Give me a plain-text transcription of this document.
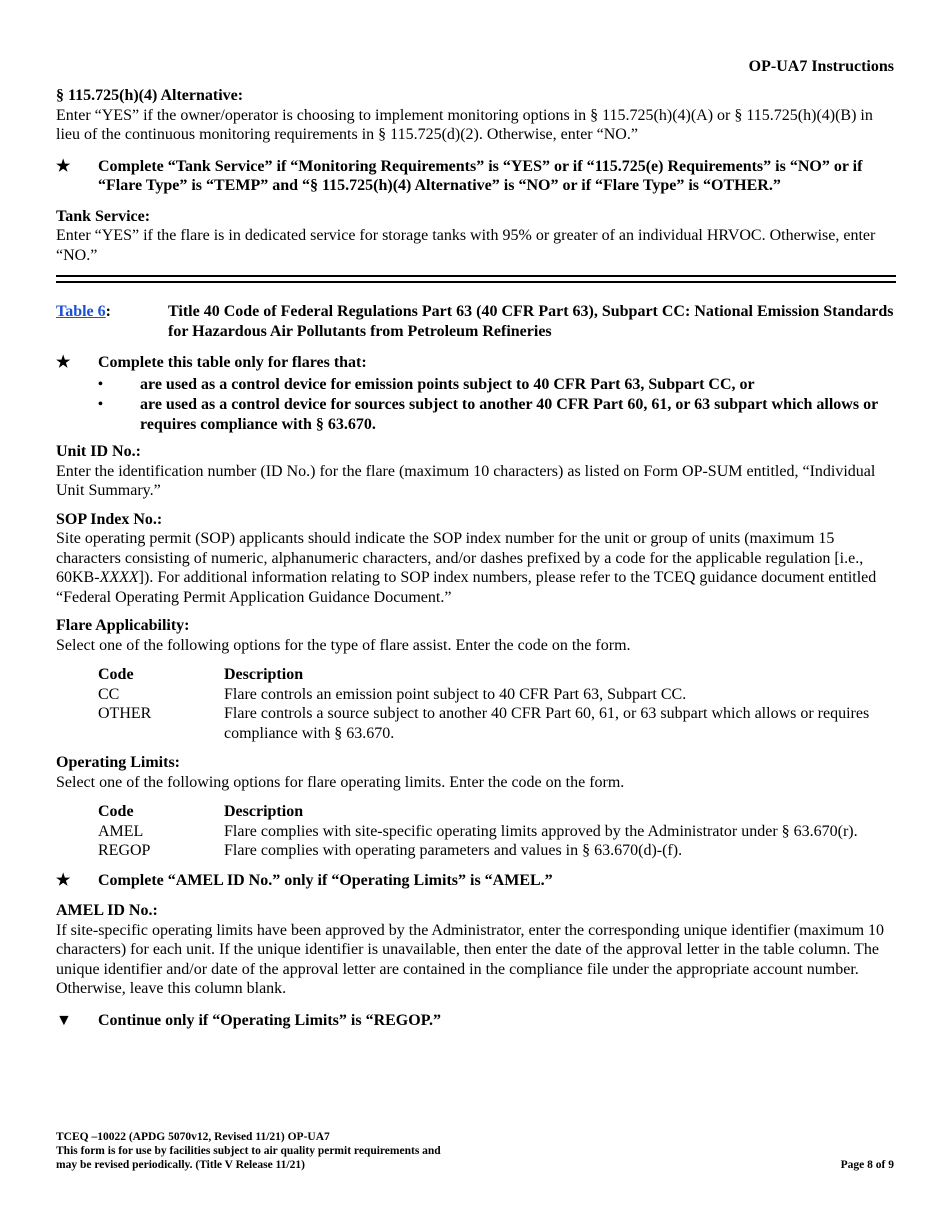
OP-UA7 Instructions

§ 115.725(h)(4) Alternative:

Enter “YES” if the owner/operator is choosing to implement monitoring options in § 115.725(h)(4)(A) or § 115.725(h)(4)(B) in lieu of the continuous monitoring requirements in § 115.725(d)(2). Otherwise, enter “NO.”

★	Complete “Tank Service” if “Monitoring Requirements” is “YES” or if “115.725(e) Requirements” is “NO” or if “Flare Type” is “TEMP” and “§ 115.725(h)(4) Alternative” is “NO” or if “Flare Type” is “OTHER.”

Tank Service:

Enter “YES” if the flare is in dedicated service for storage tanks with 95% or greater of an individual HRVOC. Otherwise, enter “NO.”

Table 6:	Title 40 Code of Federal Regulations Part 63 (40 CFR Part 63), Subpart CC: National Emission Standards for Hazardous Air Pollutants from Petroleum Refineries
★	Complete this table only for flares that:
•	are used as a control device for emission points subject to 40 CFR Part 63, Subpart CC, or
•	are used as a control device for sources subject to another 40 CFR Part 60, 61, or 63 subpart which allows or requires compliance with § 63.670.

Unit ID No.:

Enter the identification number (ID No.) for the flare (maximum 10 characters) as listed on Form OP-SUM entitled, “Individual Unit Summary.”

SOP Index No.:

Site operating permit (SOP) applicants should indicate the SOP index number for the unit or group of units (maximum 15 characters consisting of numeric, alphanumeric characters, and/or dashes prefixed by a code for the applicable regulation [i.e., 60KB-XXXX]). For additional information relating to SOP index numbers, please refer to the TCEQ guidance document entitled “Federal Operating Permit Application Guidance Document.”

Flare Applicability:

Select one of the following options for the type of flare assist. Enter the code on the form.

Code	Description
CC	Flare controls an emission point subject to 40 CFR Part 63, Subpart CC.
OTHER	Flare controls a source subject to another 40 CFR Part 60, 61, or 63 subpart which allows or requires compliance with § 63.670.

Operating Limits:

Select one of the following options for flare operating limits. Enter the code on the form.

Code	Description
AMEL	Flare complies with site-specific operating limits approved by the Administrator under § 63.670(r).
REGOP	Flare complies with operating parameters and values in § 63.670(d)-(f).
★	Complete “AMEL ID No.” only if “Operating Limits” is “AMEL.”

AMEL ID No.:

If site-specific operating limits have been approved by the Administrator, enter the corresponding unique identifier (maximum 10 characters) for each unit. If the unique identifier is unavailable, then enter the date of the approval letter in the table column. The unique identifier and/or date of the approval letter are contained in the compliance file under the appropriate account number. Otherwise, leave this column blank.

▼	Continue only if “Operating Limits” is “REGOP.”
TCEQ –10022 (APDG 5070v12, Revised 11/21) OP-UA7
This form is for use by facilities subject to air quality permit requirements and
may be revised periodically. (Title V Release 11/21)	Page 8 of 9
